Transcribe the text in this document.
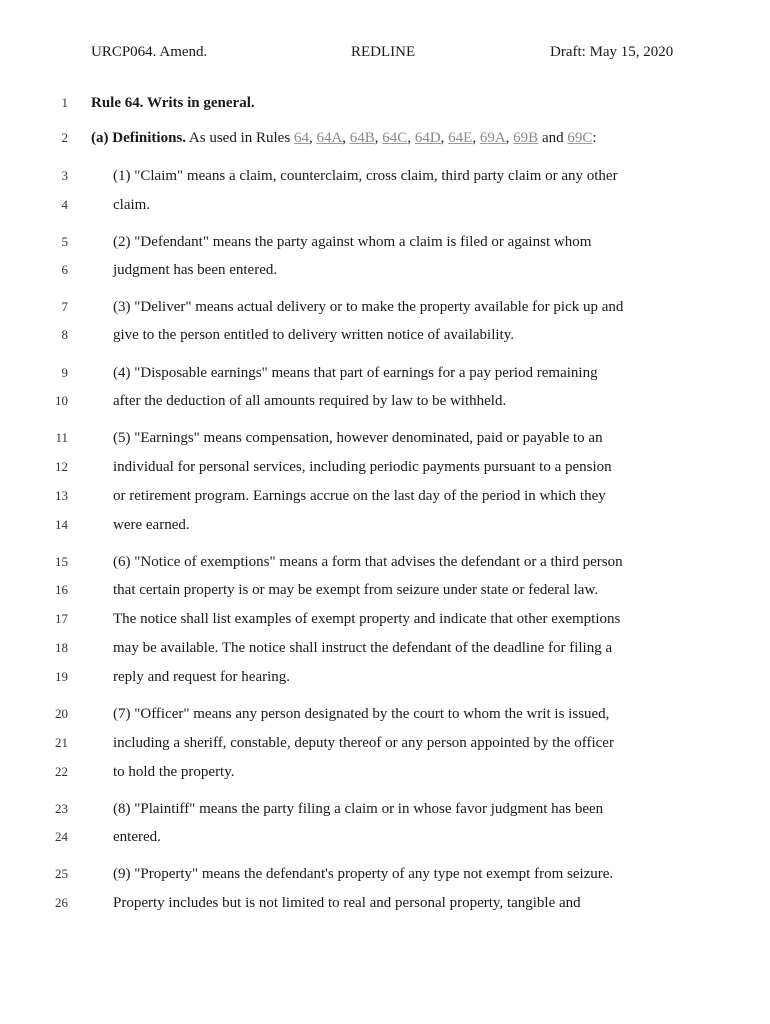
URCP064. Amend.	REDLINE	Draft: May 15, 2020
1 Rule 64. Writs in general.
2 (a) Definitions. As used in Rules 64, 64A, 64B, 64C, 64D, 64E, 69A, 69B and 69C:
3	(1) "Claim" means a claim, counterclaim, cross claim, third party claim or any other
4	claim.
5	(2) "Defendant" means the party against whom a claim is filed or against whom
6	judgment has been entered.
7	(3) "Deliver" means actual delivery or to make the property available for pick up and
8	give to the person entitled to delivery written notice of availability.
9	(4) "Disposable earnings" means that part of earnings for a pay period remaining
10	after the deduction of all amounts required by law to be withheld.
11	(5) "Earnings" means compensation, however denominated, paid or payable to an
12	individual for personal services, including periodic payments pursuant to a pension
13	or retirement program. Earnings accrue on the last day of the period in which they
14	were earned.
15	(6) "Notice of exemptions" means a form that advises the defendant or a third person
16	that certain property is or may be exempt from seizure under state or federal law.
17	The notice shall list examples of exempt property and indicate that other exemptions
18	may be available. The notice shall instruct the defendant of the deadline for filing a
19	reply and request for hearing.
20	(7) "Officer" means any person designated by the court to whom the writ is issued,
21	including a sheriff, constable, deputy thereof or any person appointed by the officer
22	to hold the property.
23	(8) "Plaintiff" means the party filing a claim or in whose favor judgment has been
24	entered.
25	(9) "Property" means the defendant's property of any type not exempt from seizure.
26	Property includes but is not limited to real and personal property, tangible and
